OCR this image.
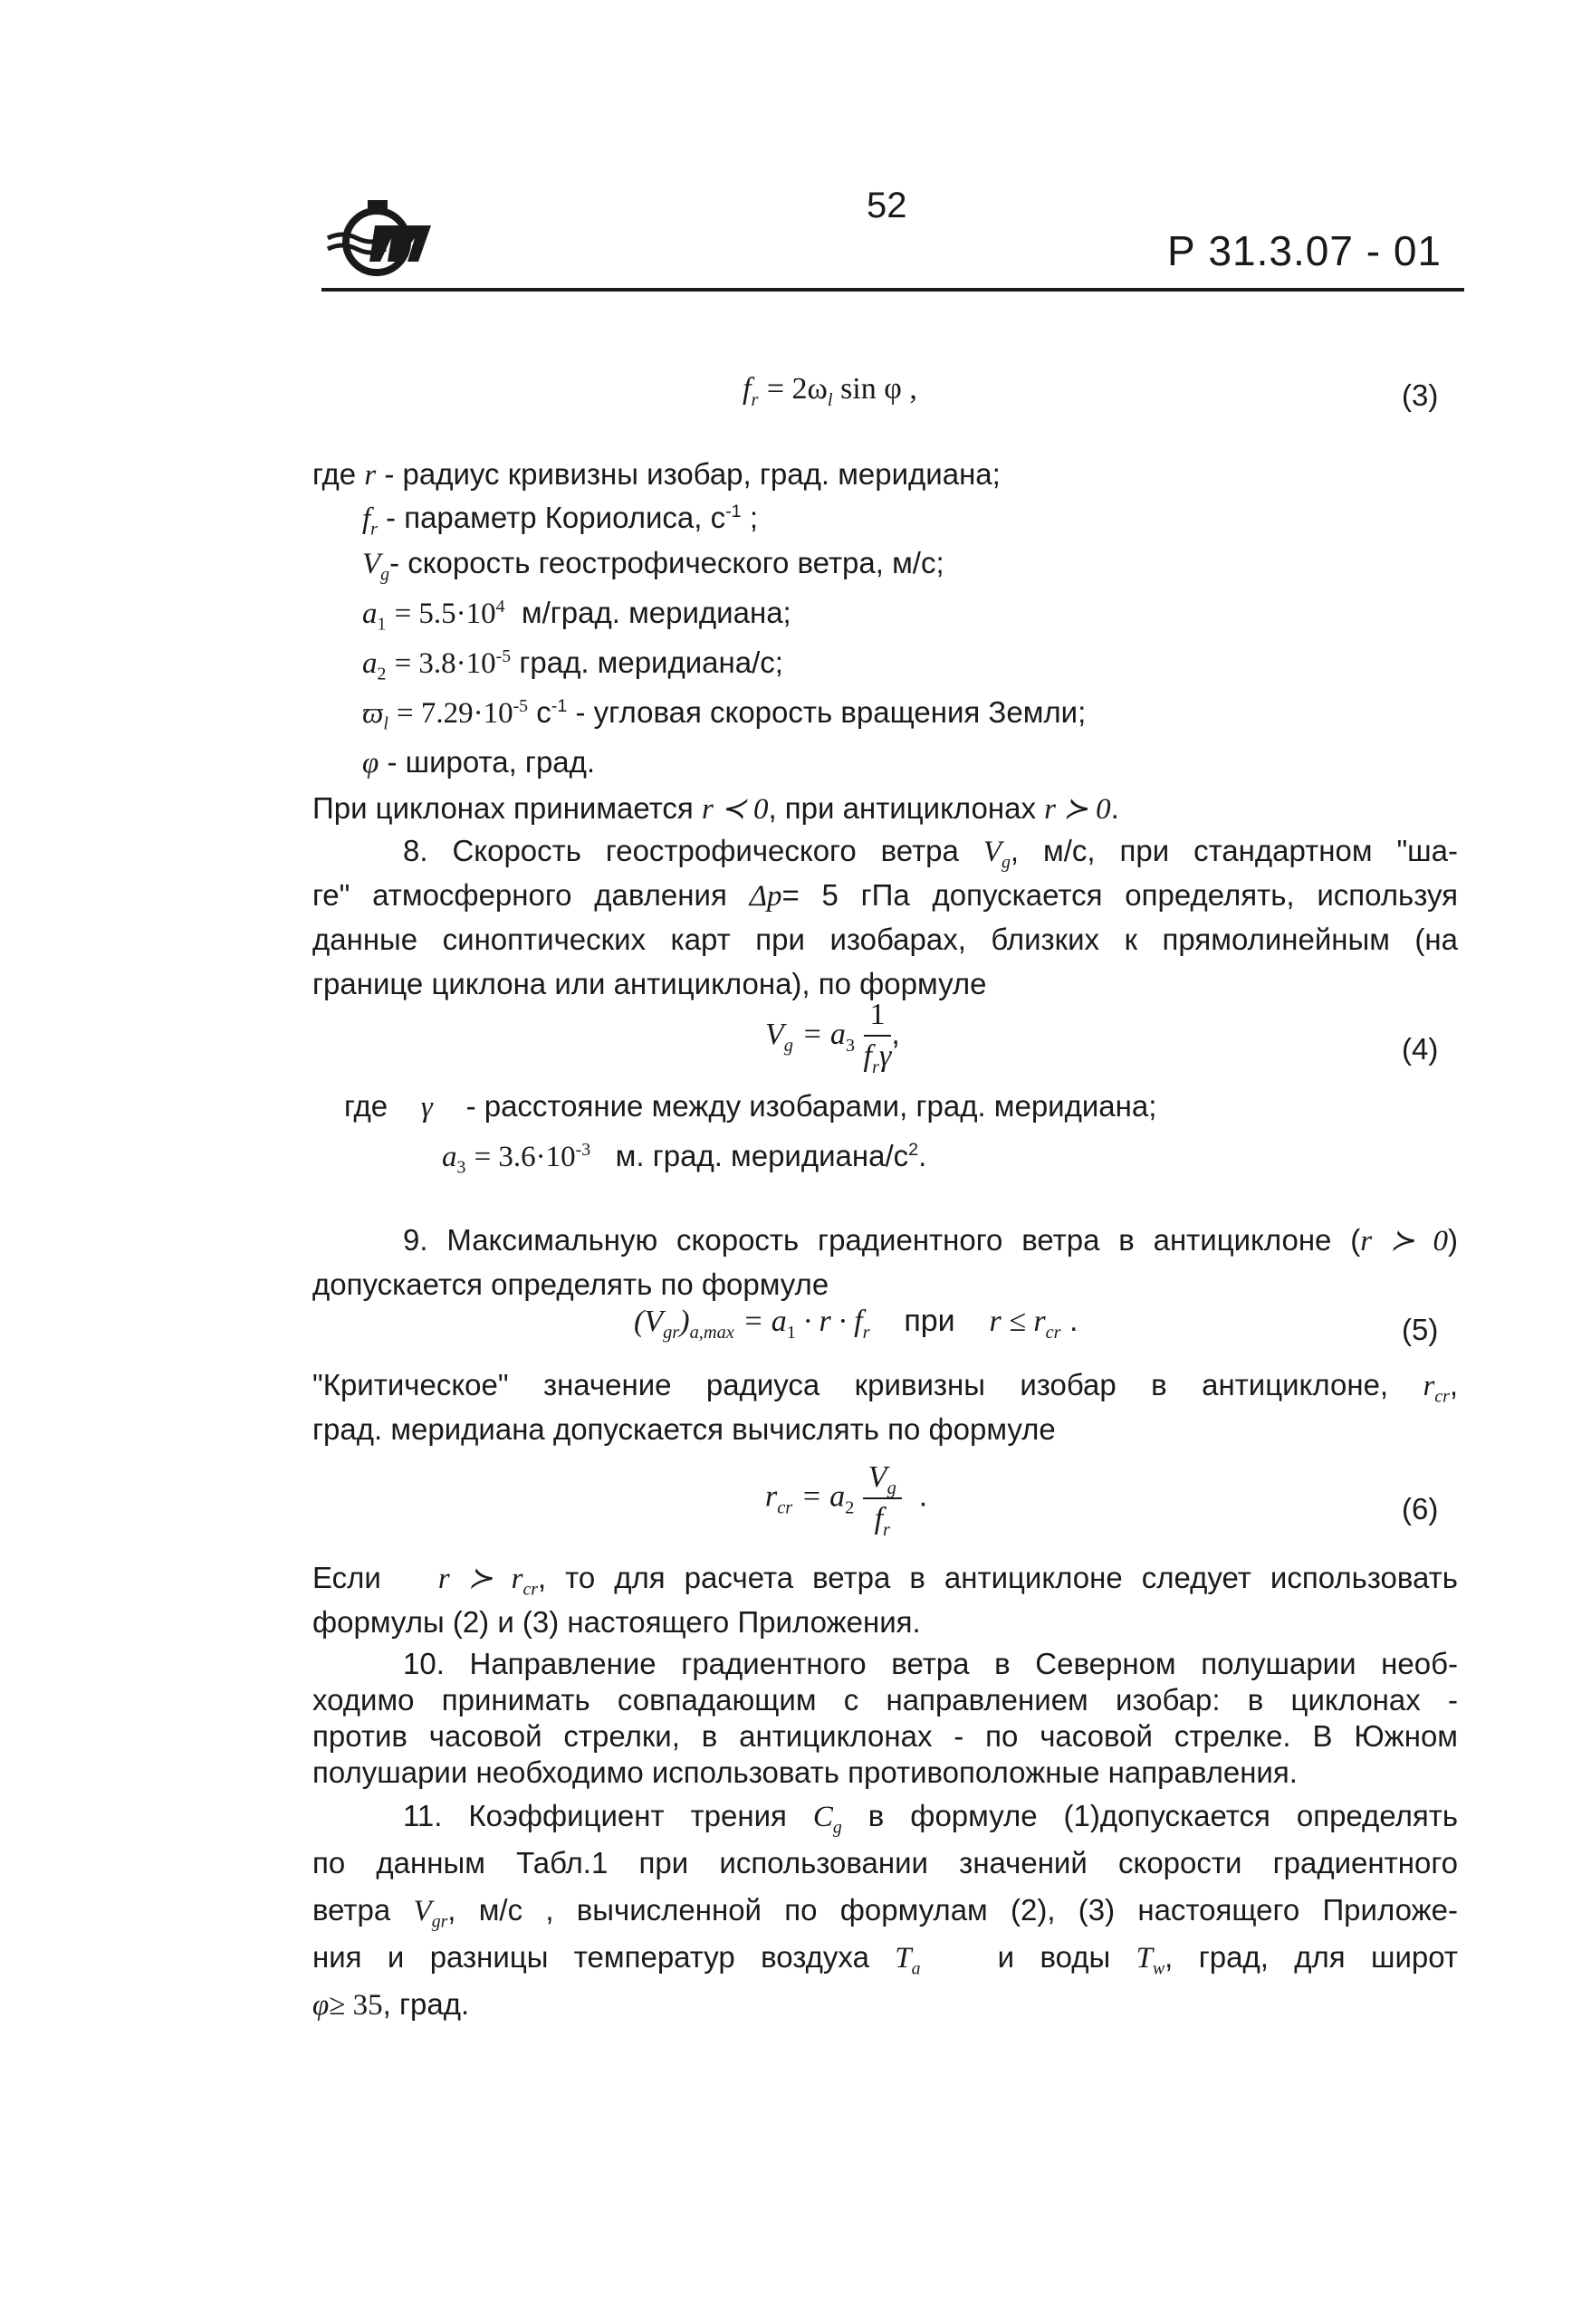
52
Р 31.3.07 - 01
$f_r = 2\omega_l$ sin φ ,	(3)
где r - радиус кривизны изобар, град. меридиана;
$f_r$ - параметр Кориолиса, $с^{-1}$ ;
$V_g-$ скорость геострофического ветра, м/с;
$a_1 = 5.5\cdot 10^4$ м/град. меридиана;
$a_2 = 3.8\cdot 10^{-5}$ град. меридиана/с;
$ϖ_l = 7.29\cdot 10^{-5}$ $с^{-1}$ - угловая скорость вращения Земли;
φ - широта, град.
При циклонах принимается r ≺ 0, при антициклонах r ≻ 0.
8. Скорость геострофического ветра $V_g$, м/с, при стандартном "ша-
ге" атмосферного давления Δp= 5 гПа допускается определять, используя
данные синоптических карт при изобарах, близких к прямолинейным (на
границе циклона или антициклона), по формуле
$V_g = a_3 \frac{1}{f_r\gamma}$ ,	(4)
где γ - расстояние между изобарами, град. меридиана;
$a_3 = 3.6\cdot 10^{-3}$ м. град. меридиана/$с^2$.
9. Максимальную скорость градиентного ветра в антициклоне (r ≻ 0)
допускается определять по формуле
$(V_{gr})_{a,max} = a_1 \cdot r \cdot f_r$ при $r \le r_{cr}$ .	(5)
"Критическое" значение радиуса кривизны изобар в антициклоне, $r_{cr}$,
град. меридиана допускается вычислять по формуле
$r_{cr} = a_2 \frac{V_g}{f_r}$ .	(6)
Если r ≻ $r_{cr}$, то для расчета ветра в антициклоне следует использовать
формулы (2) и (3) настоящего Приложения.
10. Направление градиентного ветра в Северном полушарии необ-
ходимо принимать совпадающим с направлением изобар: в циклонах -
против часовой стрелки, в антициклонах - по часовой стрелке. В Южном
полушарии необходимо использовать противоположные направления.
11. Коэффициент трения $C_g$ в формуле (1)допускается определять
по данным Табл.1 при использовании значений скорости градиентного
ветра $V_{gr}$, м/с , вычисленной по формулам (2), (3) настоящего Приложе-
ния и разницы температур воздуха $T_a$	и воды $T_w$, град, для широт
φ≥ 35, град.
